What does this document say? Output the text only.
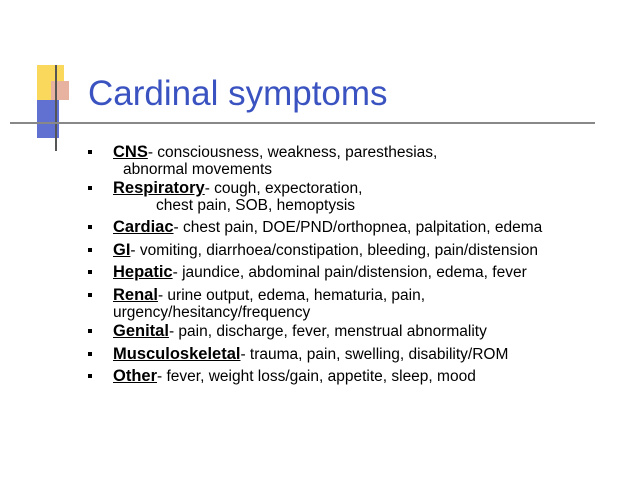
Cardinal symptoms
CNS- consciousness, weakness, paresthesias,
abnormal movements
Respiratory- cough, expectoration,
chest pain, SOB, hemoptysis
Cardiac- chest pain, DOE/PND/orthopnea, palpitation, edema
GI- vomiting, diarrhoea/constipation, bleeding, pain/distension
Hepatic- jaundice, abdominal pain/distension, edema, fever
Renal- urine output, edema, hematuria, pain,
urgency/hesitancy/frequency
Genital- pain, discharge, fever, menstrual abnormality
Musculoskeletal- trauma, pain, swelling, disability/ROM
Other- fever, weight loss/gain, appetite, sleep, mood
